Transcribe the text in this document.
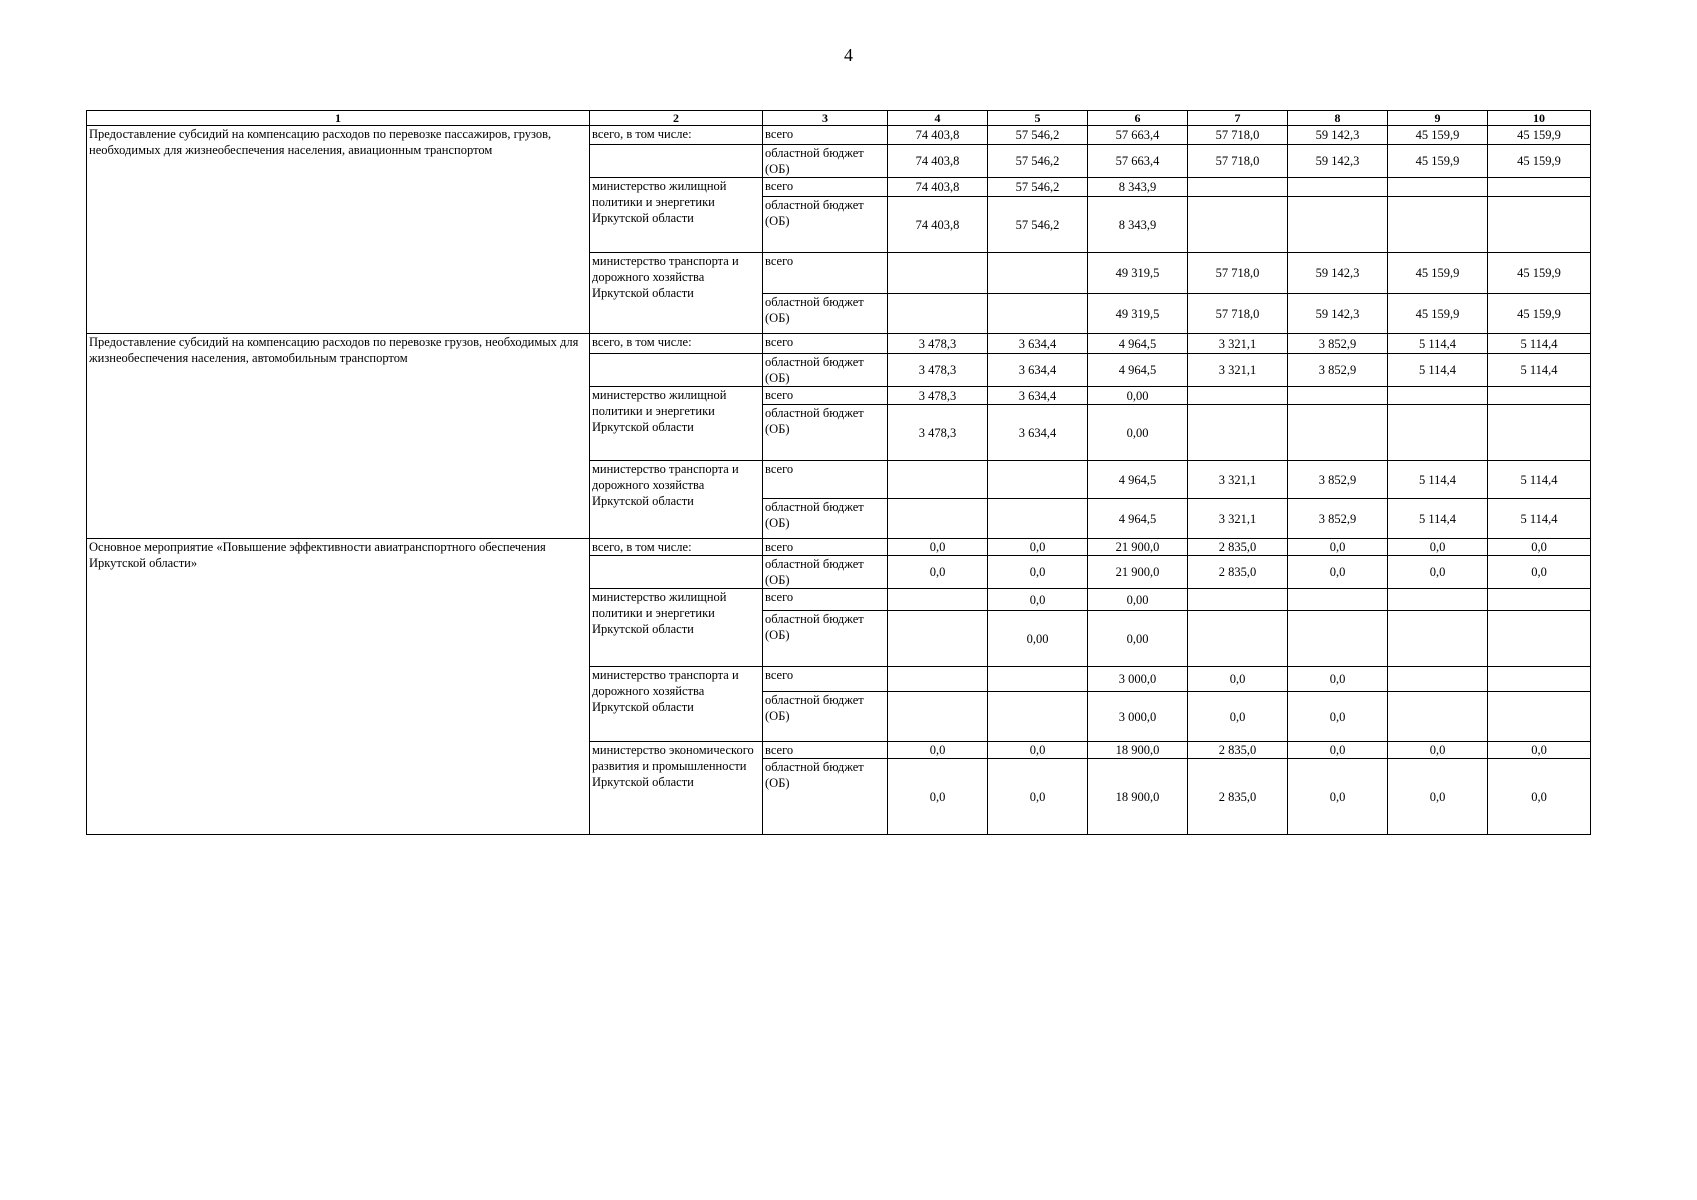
4
1	2	3	4	5	6	7	8	9	10
Предоставление субсидий на компенсацию расходов по перевозке пассажиров, грузов, необходимых для жизнеобеспечения населения, авиационным транспортом	всего, в том числе:	всего	74 403,8	57 546,2	57 663,4	57 718,0	59 142,3	45 159,9	45 159,9
		областной бюджет (ОБ)	74 403,8	57 546,2	57 663,4	57 718,0	59 142,3	45 159,9	45 159,9
	министерство жилищной политики и энергетики Иркутской области	всего	74 403,8	57 546,2	8 343,9				
		областной бюджет (ОБ)	74 403,8	57 546,2	8 343,9				
	министерство транспорта и дорожного хозяйства Иркутской области	всего			49 319,5	57 718,0	59 142,3	45 159,9	45 159,9
		областной бюджет (ОБ)			49 319,5	57 718,0	59 142,3	45 159,9	45 159,9
Предоставление субсидий на компенсацию расходов по перевозке грузов, необходимых для жизнеобеспечения населения, автомобильным транспортом	всего, в том числе:	всего	3 478,3	3 634,4	4 964,5	3 321,1	3 852,9	5 114,4	5 114,4
		областной бюджет (ОБ)	3 478,3	3 634,4	4 964,5	3 321,1	3 852,9	5 114,4	5 114,4
	министерство жилищной политики и энергетики Иркутской области	всего	3 478,3	3 634,4	0,00				
		областной бюджет (ОБ)	3 478,3	3 634,4	0,00				
	министерство транспорта и дорожного хозяйства Иркутской области	всего			4 964,5	3 321,1	3 852,9	5 114,4	5 114,4
		областной бюджет (ОБ)			4 964,5	3 321,1	3 852,9	5 114,4	5 114,4
Основное мероприятие «Повышение эффективности авиатранспортного обеспечения Иркутской области»	всего, в том числе:	всего	0,0	0,0	21 900,0	2 835,0	0,0	0,0	0,0
		областной бюджет (ОБ)	0,0	0,0	21 900,0	2 835,0	0,0	0,0	0,0
	министерство жилищной политики и энергетики Иркутской области	всего		0,0	0,00				
		областной бюджет (ОБ)		0,00	0,00				
	министерство транспорта и дорожного хозяйства Иркутской области	всего			3 000,0	0,0	0,0		
		областной бюджет (ОБ)			3 000,0	0,0	0,0		
	министерство экономического развития и промышленности Иркутской области	всего	0,0	0,0	18 900,0	2 835,0	0,0	0,0	0,0
		областной бюджет (ОБ)	0,0	0,0	18 900,0	2 835,0	0,0	0,0	0,0
